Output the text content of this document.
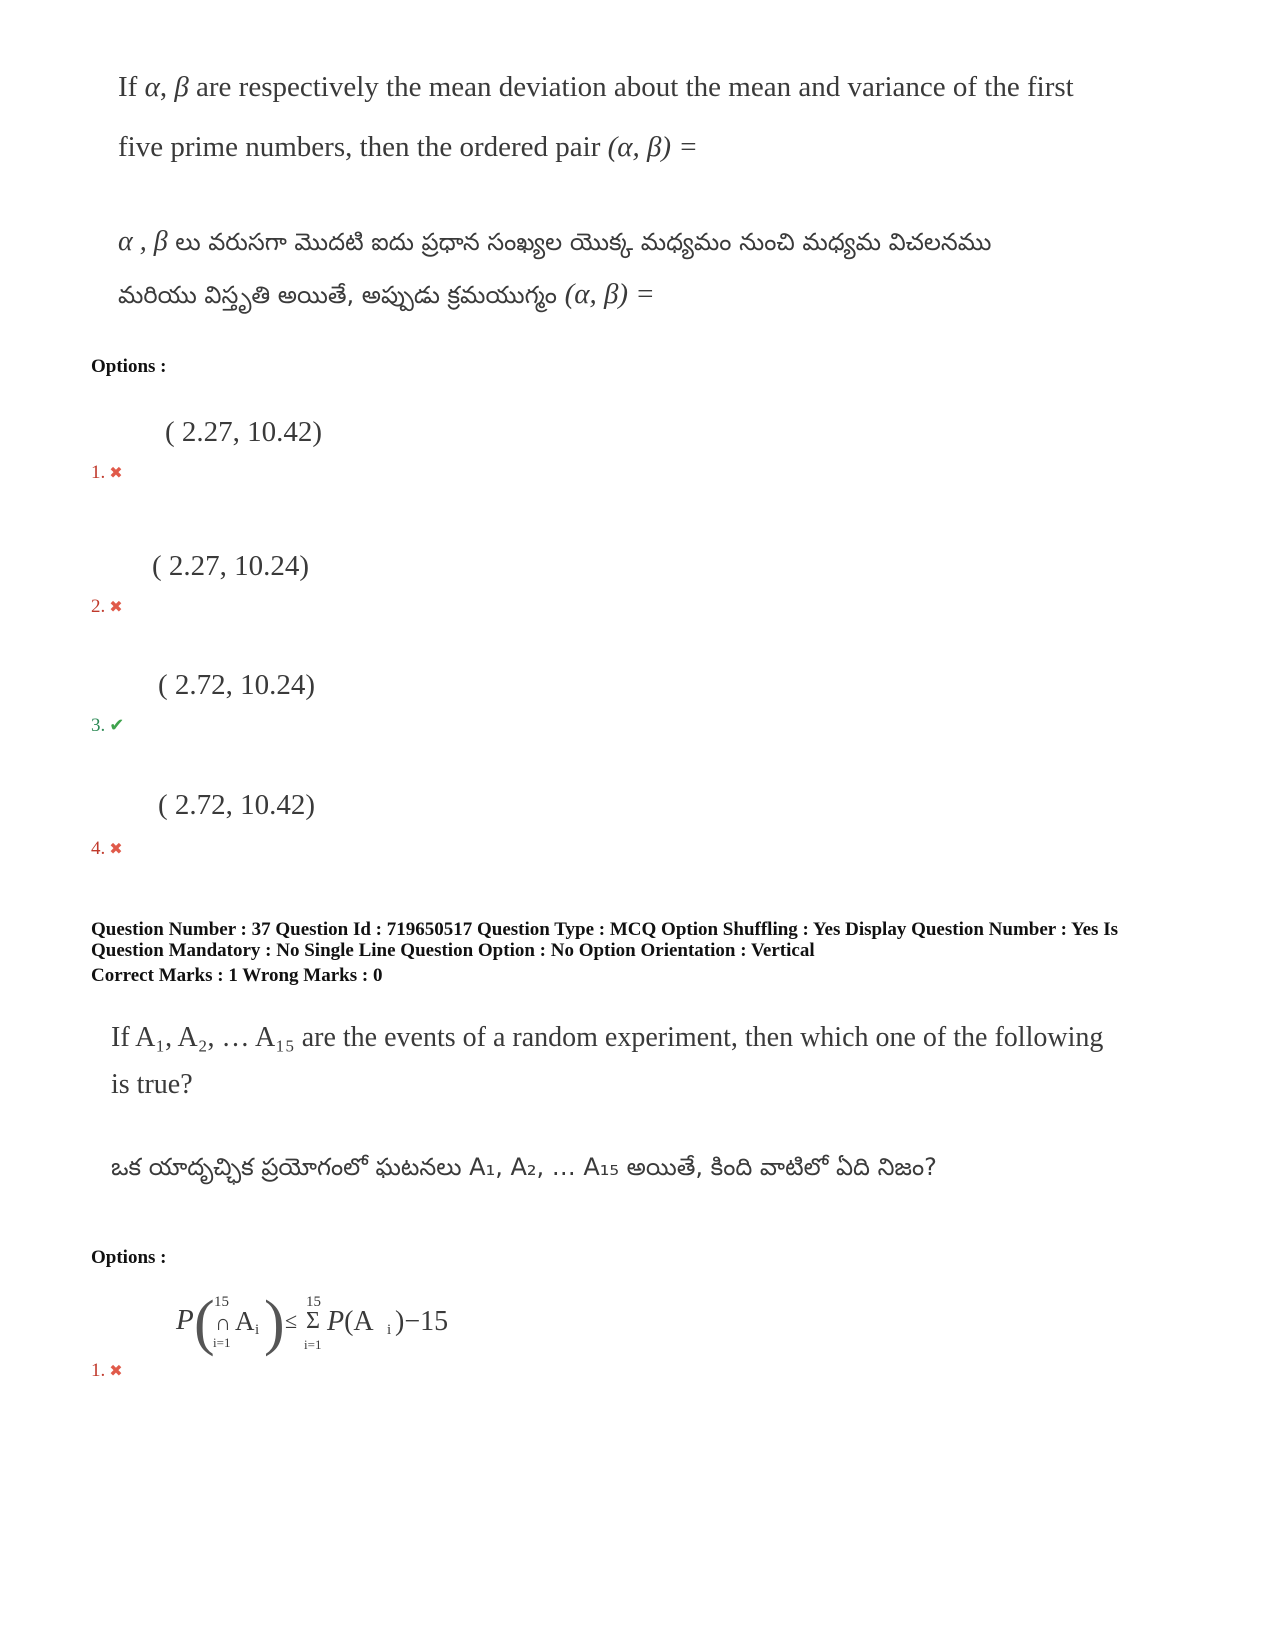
If α, β are respectively the mean deviation about the mean and variance of the first
five prime numbers, then the ordered pair (α, β) =
α , β లు వరుసగా మొదటి ఐదు ప్రధాన సంఖ్యల యొక్క మధ్యమం నుంచి మధ్యమ విచలనము
మరియు విస్తృతి అయితే, అప్పుడు క్రమయుగ్మం (α, β) =
Options :
( 2.27, 10.42)
1. ✖
( 2.27, 10.24)
2. ✖
( 2.72, 10.24)
3. ✔
( 2.72, 10.42)
4. ✖
Question Number : 37 Question Id : 719650517 Question Type : MCQ Option Shuffling : Yes Display Question Number : Yes Is Question Mandatory : No Single Line Question Option : No Option Orientation : Vertical
Correct Marks : 1 Wrong Marks : 0
If A₁, A₂, … A₁₅ are the events of a random experiment, then which one of the following
is true?
ఒక యాదృచ్ఛిక ప్రయోగంలో ఘటనలు A₁, A₂, … A₁₅ అయితే, కింది వాటిలో ఏది నిజం?
Options :
P ( 15
∩
i=1
A i ) ≤
15
Σ
i=1
P(A i )−15
1. ✖
